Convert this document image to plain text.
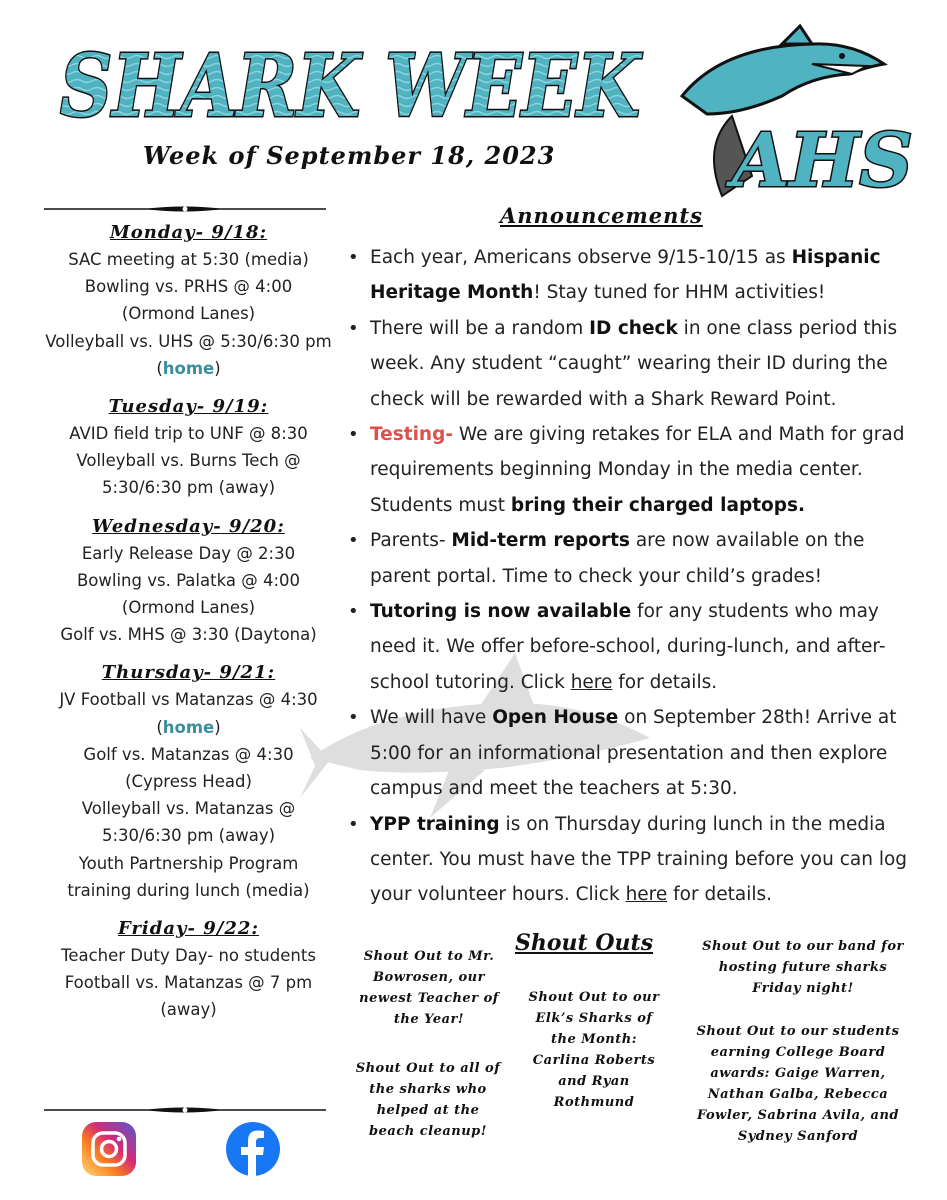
SHARK WEEK
Week of September 18, 2023 AHS
Monday- 9/18:
SAC meeting at 5:30 (media)
Bowling vs. PRHS @ 4:00
(Ormond Lanes)
Volleyball vs. UHS @ 5:30/6:30 pm
(home)
Tuesday- 9/19:
AVID field trip to UNF @ 8:30
Volleyball vs. Burns Tech @
5:30/6:30 pm (away)
Wednesday- 9/20:
Early Release Day @ 2:30
Bowling vs. Palatka @ 4:00
(Ormond Lanes)
Golf vs. MHS @ 3:30 (Daytona)
Thursday- 9/21:
JV Football vs Matanzas @ 4:30
(home)
Golf vs. Matanzas @ 4:30
(Cypress Head)
Volleyball vs. Matanzas @
5:30/6:30 pm (away)
Youth Partnership Program
training during lunch (media)
Friday- 9/22:
Teacher Duty Day- no students
Football vs. Matanzas @ 7 pm
(away)
Announcements
• Each year, Americans observe 9/15-10/15 as Hispanic Heritage Month! Stay tuned for HHM activities!
• There will be a random ID check in one class period this week. Any student “caught” wearing their ID during the check will be rewarded with a Shark Reward Point.
• Testing- We are giving retakes for ELA and Math for grad requirements beginning Monday in the media center. Students must bring their charged laptops.
• Parents- Mid-term reports are now available on the parent portal. Time to check your child’s grades!
• Tutoring is now available for any students who may need it. We offer before-school, during-lunch, and after-school tutoring. Click here for details.
• We will have Open House on September 28th! Arrive at 5:00 for an informational presentation and then explore campus and meet the teachers at 5:30.
• YPP training is on Thursday during lunch in the media center. You must have the TPP training before you can log your volunteer hours. Click here for details.
Shout Outs
Shout Out to Mr. Bowrosen, our newest Teacher of the Year!
Shout Out to all of the sharks who helped at the beach cleanup!
Shout Out to our Elk’s Sharks of the Month: Carlina Roberts and Ryan Rothmund
Shout Out to our band for hosting future sharks Friday night!
Shout Out to our students earning College Board awards: Gaige Warren, Nathan Galba, Rebecca Fowler, Sabrina Avila, and Sydney Sanford
